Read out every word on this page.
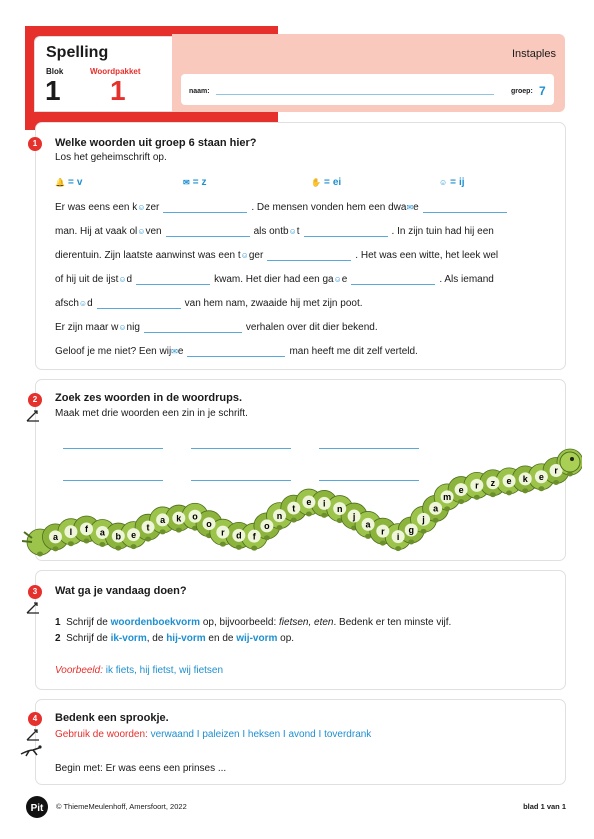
Spelling
Blok
1
Woordpakket
1
Instaples
naam:	groep: 7
1	Welke woorden uit groep 6 staan hier?
Los het geheimschrift op.
🔔 = v	✉ = z	✋ = ei	☺ = ij
Er was eens een k☺zer	. De mensen vonden hem een dwa✉e
man. Hij at vaak ol☺ven	als ontb☺t	. In zijn tuin had hij een
dierentuin. Zijn laatste aanwinst was een t☺ger	. Het was een witte, het leek wel
of hij uit de ijst☺d	kwam. Het dier had een ga☺e	. Als iemand
afsch☺d	van hem nam, zwaaide hij met zijn poot.
Er zijn maar w☺nig	verhalen over dit dier bekend.
Geloof je me niet? Een wij✉e	man heeft me dit zelf verteld.
2	Zoek zes woorden in de woordrups.
Maak met drie woorden een zin in je schrift.
a
l f a b e
t
a k o
o
r d f
o
n
t
e i
n
j
a
r
i
g
j
a
m
e r z e k e
r
3	Wat ga je vandaag doen?
1 Schrijf de woordenboekvorm op, bijvoorbeeld: fietsen, eten. Bedenk er ten minste vijf.
2 Schrijf de ik-vorm, de hij-vorm en de wij-vorm op.
Voorbeeld: ik fiets, hij fietst, wij fietsen
4	Bedenk een sprookje.
Gebruik de woorden: verwaand I paleizen I heksen I avond I toverdrank
Begin met: Er was eens een prinses ...
Pit © ThiemeMeulenhoff, Amersfoort, 2022	blad 1 van 1
